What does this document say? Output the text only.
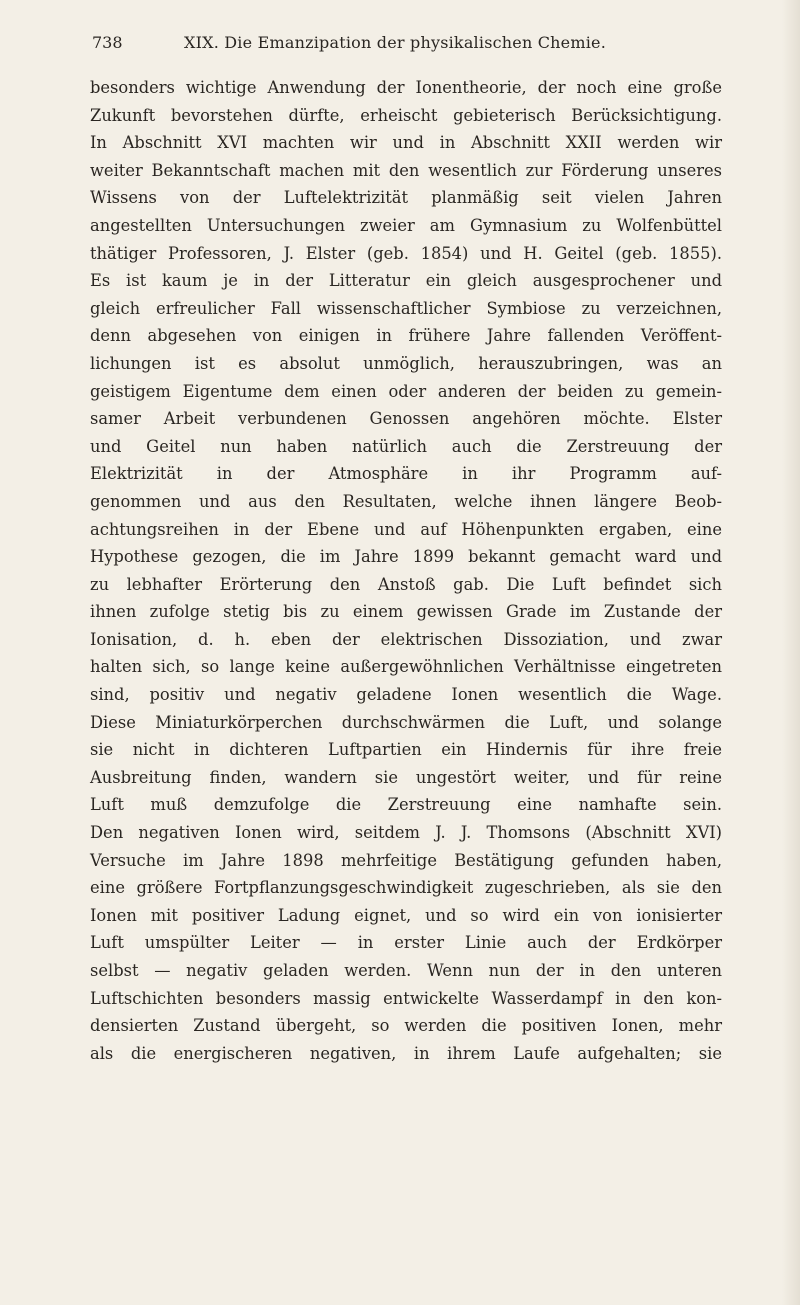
738	XIX. Die Emanzipation der physikalischen Chemie.
besonders wichtige Anwendung der Ionentheorie, der noch eine große
Zukunft bevorstehen dürfte, erheischt gebieterisch Berücksichtigung.
In Abschnitt XVI machten wir und in Abschnitt XXII werden wir
weiter Bekanntschaft machen mit den wesentlich zur Förderung unseres
Wissens von der Luftelektrizität planmäßig seit vielen Jahren
angestellten Untersuchungen zweier am Gymnasium zu Wolfenbüttel
thätiger Professoren, J. Elster (geb. 1854) und H. Geitel (geb. 1855).
Es ist kaum je in der Litteratur ein gleich ausgesprochener und
gleich erfreulicher Fall wissenschaftlicher Symbiose zu verzeichnen,
denn abgesehen von einigen in frühere Jahre fallenden Veröffent-
lichungen ist es absolut unmöglich, herauszubringen, was an
geistigem Eigentume dem einen oder anderen der beiden zu gemein-
samer Arbeit verbundenen Genossen angehören möchte. Elster
und Geitel nun haben natürlich auch die Zerstreuung der
Elektrizität in der Atmosphäre in ihr Programm auf-
genommen und aus den Resultaten, welche ihnen längere Beob-
achtungsreihen in der Ebene und auf Höhenpunkten ergaben, eine
Hypothese gezogen, die im Jahre 1899 bekannt gemacht ward und
zu lebhafter Erörterung den Anstoß gab. Die Luft befindet sich
ihnen zufolge stetig bis zu einem gewissen Grade im Zustande der
Ionisation, d. h. eben der elektrischen Dissoziation, und zwar
halten sich, so lange keine außergewöhnlichen Verhältnisse eingetreten
sind, positiv und negativ geladene Ionen wesentlich die Wage.
Diese Miniaturkörperchen durchschwärmen die Luft, und solange
sie nicht in dichteren Luftpartien ein Hindernis für ihre freie
Ausbreitung finden, wandern sie ungestört weiter, und für reine
Luft muß demzufolge die Zerstreuung eine namhafte sein.
Den negativen Ionen wird, seitdem J. J. Thomsons (Abschnitt XVI)
Versuche im Jahre 1898 mehrfeitige Bestätigung gefunden haben,
eine größere Fortpflanzungsgeschwindigkeit zugeschrieben, als sie den
Ionen mit positiver Ladung eignet, und so wird ein von ionisierter
Luft umspülter Leiter — in erster Linie auch der Erdkörper
selbst — negativ geladen werden. Wenn nun der in den unteren
Luftschichten besonders massig entwickelte Wasserdampf in den kon-
densierten Zustand übergeht, so werden die positiven Ionen, mehr
als die energischeren negativen, in ihrem Laufe aufgehalten; sie
